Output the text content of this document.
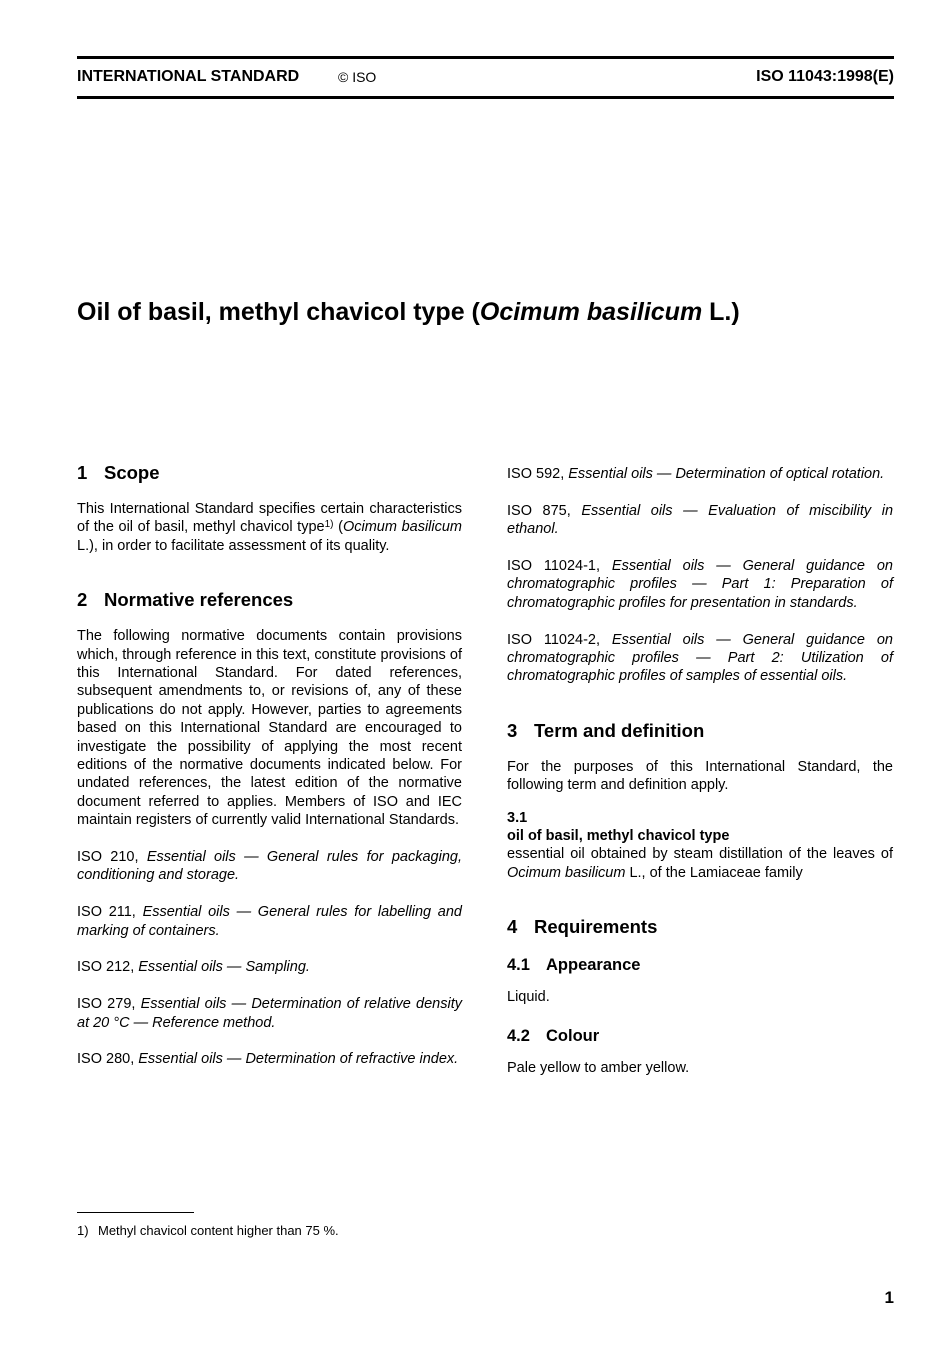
INTERNATIONAL STANDARD	© ISO	ISO 11043:1998(E)
Oil of basil, methyl chavicol type (Ocimum basilicum L.)
1 Scope

This International Standard specifies certain characteristics of the oil of basil, methyl chavicol type$^{1)}$ (Ocimum basilicum L.), in order to facilitate assessment of its quality.

2 Normative references

The following normative documents contain provisions which, through reference in this text, constitute provisions of this International Standard. For dated references, subsequent amendments to, or revisions of, any of these publications do not apply. However, parties to agreements based on this International Standard are encouraged to investigate the possibility of applying the most recent editions of the normative documents indicated below. For undated references, the latest edition of the normative document referred to applies. Members of ISO and IEC maintain registers of currently valid International Standards.

ISO 210, Essential oils — General rules for packaging, conditioning and storage.

ISO 211, Essential oils — General rules for labelling and marking of containers.

ISO 212, Essential oils — Sampling.

ISO 279, Essential oils — Determination of relative density at 20 °C — Reference method.

ISO 280, Essential oils — Determination of refractive index.

ISO 592, Essential oils — Determination of optical rotation.

ISO 875, Essential oils — Evaluation of miscibility in ethanol.

ISO 11024-1, Essential oils — General guidance on chromatographic profiles — Part 1: Preparation of chromatographic profiles for presentation in standards.

ISO 11024-2, Essential oils — General guidance on chromatographic profiles — Part 2: Utilization of chromatographic profiles of samples of essential oils.

3 Term and definition

For the purposes of this International Standard, the following term and definition apply.

3.1
oil of basil, methyl chavicol type

essential oil obtained by steam distillation of the leaves of Ocimum basilicum L., of the Lamiaceae family

4 Requirements
4.1 Appearance

Liquid.

4.2 Colour

Pale yellow to amber yellow.

1) Methyl chavicol content higher than 75 %.
1
